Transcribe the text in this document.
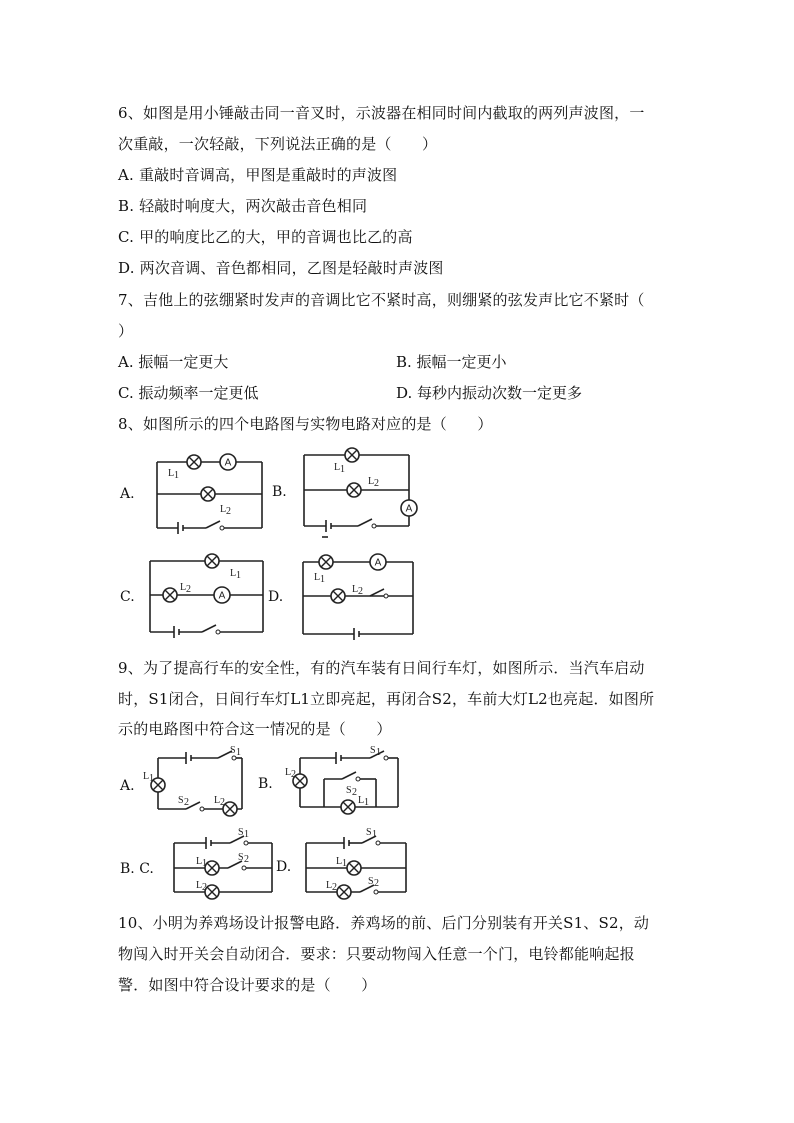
6、如图是用小锤敲击同一音叉时，示波器在相同时间内截取的两列声波图，一
次重敲，一次轻敲，下列说法正确的是（　　）
A. 重敲时音调高，甲图是重敲时的声波图
B. 轻敲时响度大，两次敲击音色相同
C. 甲的响度比乙的大，甲的音调也比乙的高
D. 两次音调、音色都相同，乙图是轻敲时声波图
7、吉他上的弦绷紧时发声的音调比它不紧时高，则绷紧的弦发声比它不紧时（
）
A. 振幅一定更大	B. 振幅一定更小
C. 振动频率一定更低	D. 每秒内振动次数一定更多
8、如图所示的四个电路图与实物电路对应的是（　　）
A.
L 1
L 2
B.
L 1
L 2
C.
L 1
L 2	D.
L 1
L 2
9、为了提高行车的安全性，有的汽车装有日间行车灯，如图所示．当汽车启动
时，S1闭合，日间行车灯L1立即亮起，再闭合S2，车前大灯L2也亮起．如图所
示的电路图中符合这一情况的是（　　）
A.
L 1
S 1
S 2	L 2
B.
L 2
S 1
S 2
L 1
B. C.
S 1
S 2
L 1
L 2
D.
S 1
L 1
L 2
S 2
10、小明为养鸡场设计报警电路．养鸡场的前、后门分别装有开关S1、S2，动
物闯入时开关会自动闭合．要求：只要动物闯入任意一个门，电铃都能响起报
警．如图中符合设计要求的是（　　）
